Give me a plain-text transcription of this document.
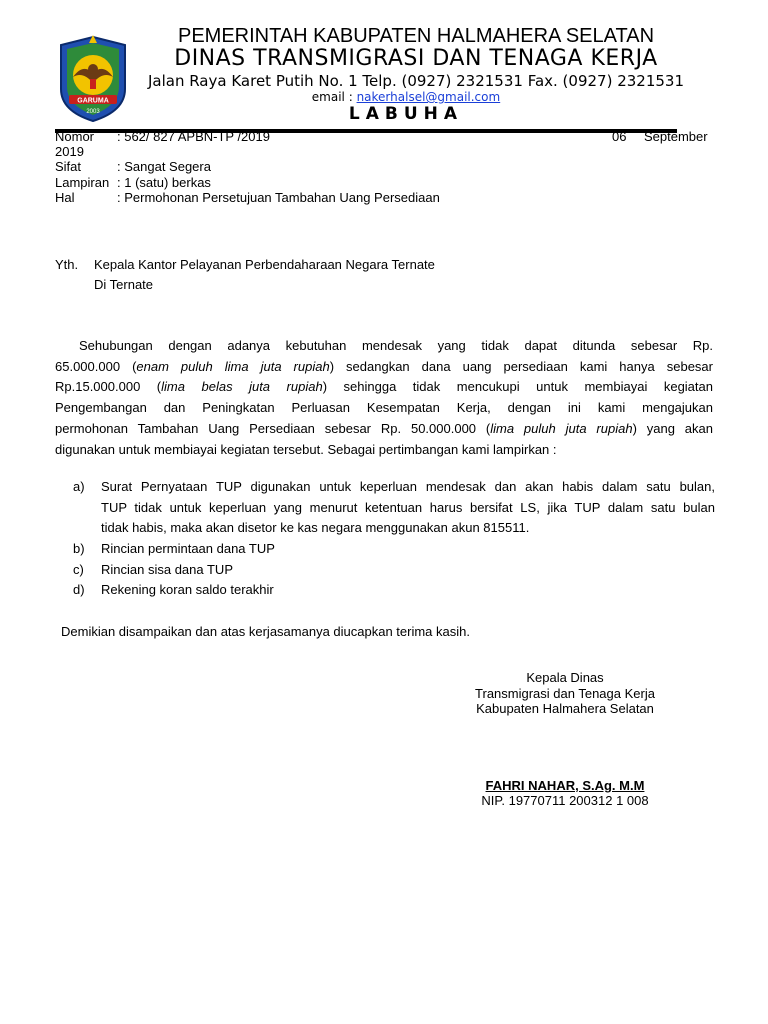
GARUMA
2003
PEMERINTAH KABUPATEN HALMAHERA SELATAN
DINAS TRANSMIGRASI DAN TENAGA KERJA
Jalan Raya Karet Putih No. 1 Telp. (0927) 2321531 Fax. (0927) 2321531
email : nakerhalsel@gmail.com
LABUHA
Nomor : 562/ 827 APBN-TP /2019	06 September
2019
Sifat	: Sangat Segera
Lampiran : 1 (satu) berkas
Hal	: Permohonan Persetujuan Tambahan Uang Persediaan
Yth. Kepala Kantor Pelayanan Perbendaharaan Negara Ternate
Di Ternate
Sehubungan dengan adanya kebutuhan mendesak yang tidak dapat ditunda sebesar Rp.
65.000.000 (enam puluh lima juta rupiah) sedangkan dana uang persediaan kami hanya sebesar
Rp.15.000.000 (lima belas juta rupiah) sehingga tidak mencukupi untuk membiayai kegiatan
Pengembangan dan Peningkatan Perluasan Kesempatan Kerja, dengan ini kami mengajukan
permohonan Tambahan Uang Persediaan sebesar Rp. 50.000.000 (lima puluh juta rupiah) yang akan
digunakan untuk membiayai kegiatan tersebut. Sebagai pertimbangan kami lampirkan :
a) Surat Pernyataan TUP digunakan untuk keperluan mendesak dan akan habis dalam satu bulan,
TUP tidak untuk keperluan yang menurut ketentuan harus bersifat LS, jika TUP dalam satu bulan
tidak habis, maka akan disetor ke kas negara menggunakan akun 815511.
b) Rincian permintaan dana TUP
c) Rincian sisa dana TUP
d) Rekening koran saldo terakhir
Demikian disampaikan dan atas kerjasamanya diucapkan terima kasih.
Kepala Dinas
Transmigrasi dan Tenaga Kerja
Kabupaten Halmahera Selatan
FAHRI NAHAR, S.Ag. M.M
NIP. 19770711 200312 1 008
